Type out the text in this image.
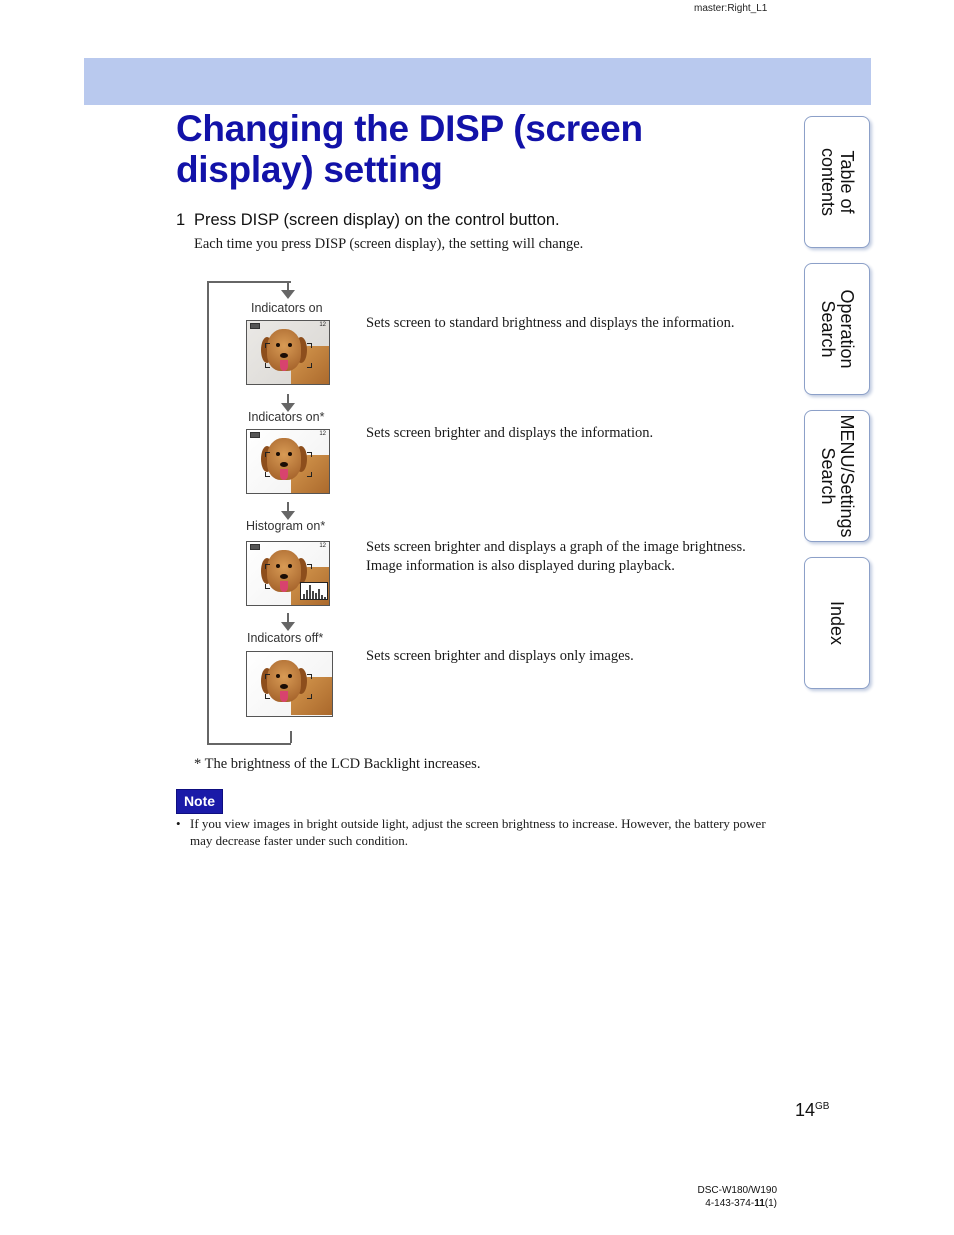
master:Right_L1
Changing the DISP (screen display) setting
1 Press DISP (screen display) on the control button.
Each time you press DISP (screen display), the setting will change.
Indicators on
12	Sets screen to standard brightness and displays the information.
Indicators on*
12	Sets screen brighter and displays the information.
Histogram on*
12	Sets screen brighter and displays a graph of the image brightness.
Image information is also displayed during playback.
Indicators off*
Sets screen brighter and displays only images.
* The brightness of the LCD Backlight increases.
Note
• If you view images in bright outside light, adjust the screen brightness to increase. However, the battery power may decrease faster under such condition.
Table of contents
Operation Search
MENU/Settings Search
Index
$14^{GB}$
DSC-W180/W190
4-143-374-11(1)
